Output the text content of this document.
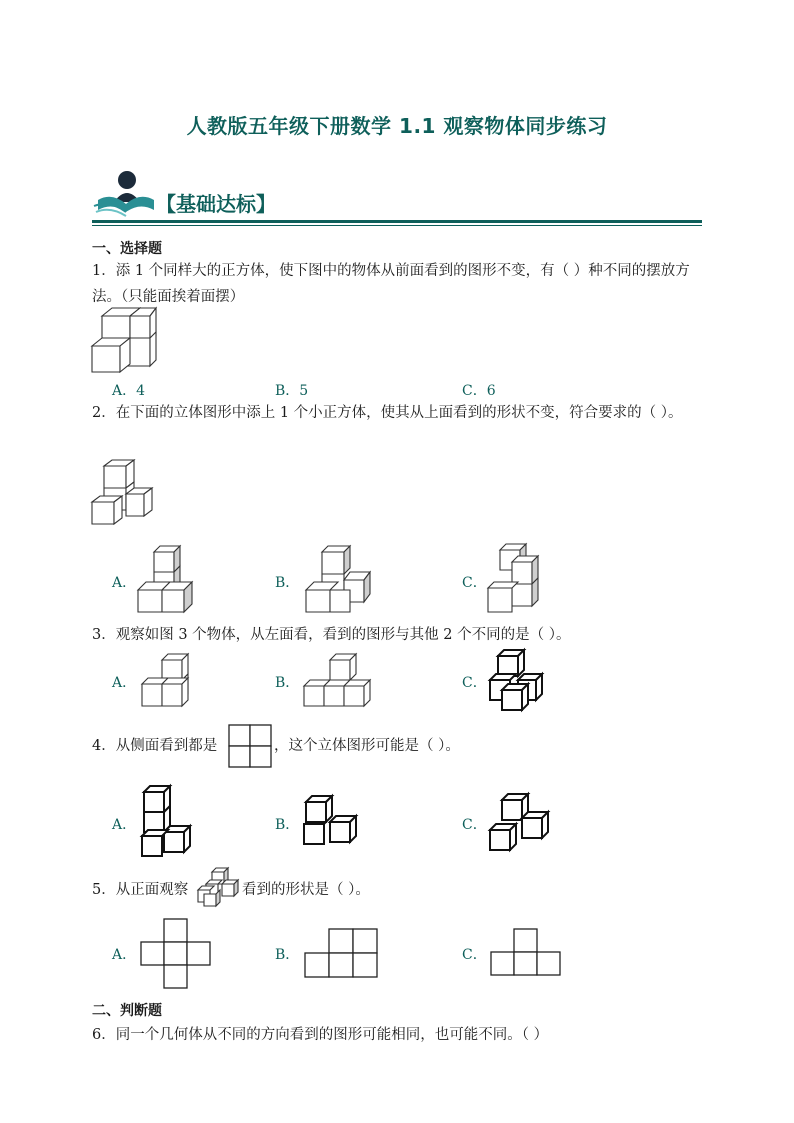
人教版五年级下册数学 1.1 观察物体同步练习
【基础达标】
一、选择题
1．添 1 个同样大的正方体，使下图中的物体从前面看到的图形不变，有（ ）种不同的摆放方法。（只能面挨着面摆）
A．4	B．5	C．6
2．在下面的立体图形中添上 1 个小正方体，使其从上面看到的形状不变，符合要求的（ ）。
A．	B．	C．
3．观察如图 3 个物体，从左面看，看到的图形与其他 2 个不同的是（ ）。
A．	B．	C．
4．从侧面看到都是	，这个立体图形可能是（ ）。
A．	B．	C．
5．从正面观察	看到的形状是（ ）。
A．	B．	C．
二、判断题
6．同一个几何体从不同的方向看到的图形可能相同，也可能不同。（ ）
